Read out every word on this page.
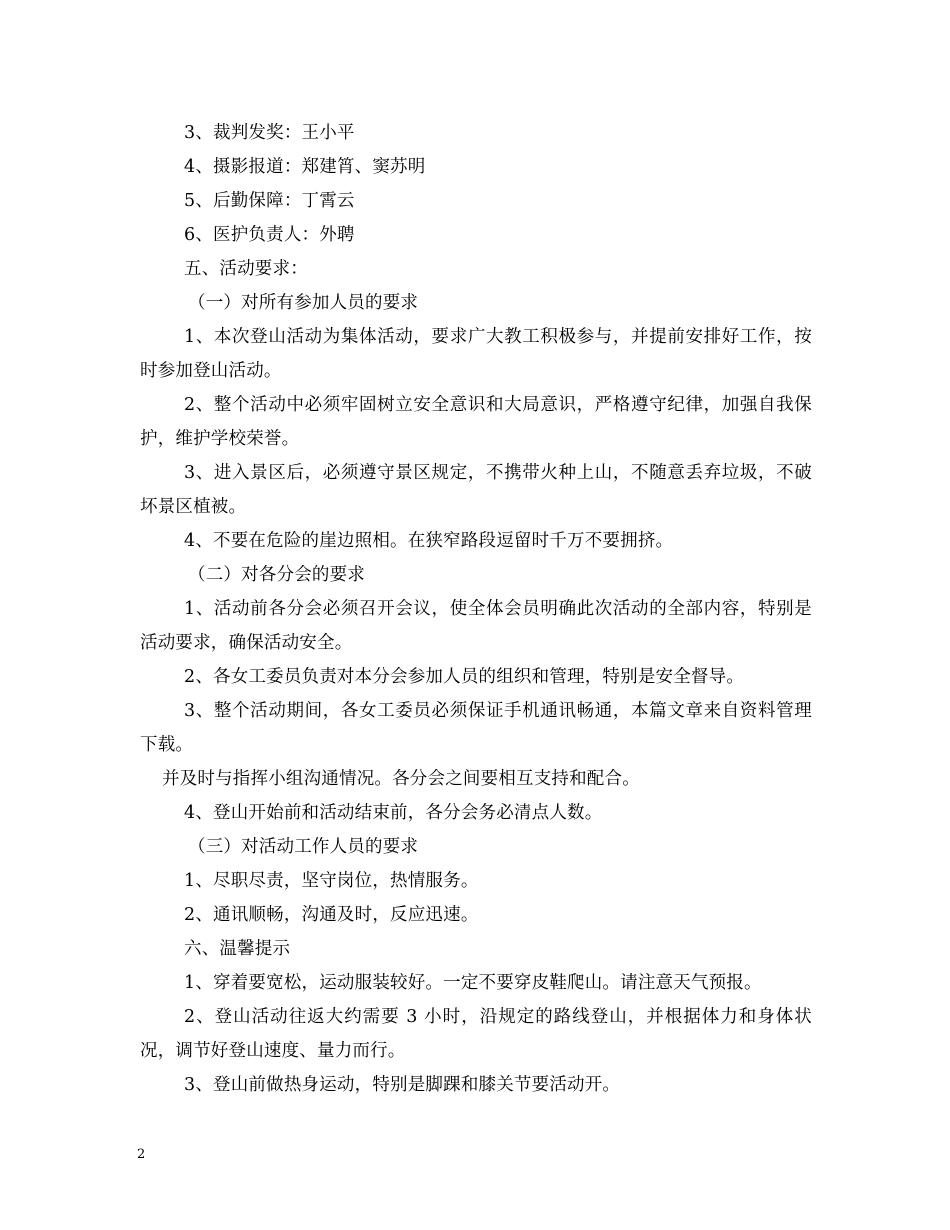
3、裁判发奖：王小平

4、摄影报道：郑建筲、窦苏明

5、后勤保障：丁霄云

6、医护负责人：外聘

五、活动要求：

（一）对所有参加人员的要求

1、本次登山活动为集体活动，要求广大教工积极参与，并提前安排好工作，按时参加登山活动。

2、整个活动中必须牢固树立安全意识和大局意识，严格遵守纪律，加强自我保护，维护学校荣誉。

3、进入景区后，必须遵守景区规定，不携带火种上山，不随意丢弃垃圾，不破坏景区植被。

4、不要在危险的崖边照相。在狭窄路段逗留时千万不要拥挤。

（二）对各分会的要求

1、活动前各分会必须召开会议，使全体会员明确此次活动的全部内容，特别是活动要求，确保活动安全。

2、各女工委员负责对本分会参加人员的组织和管理，特别是安全督导。

3、整个活动期间，各女工委员必须保证手机通讯畅通，本篇文章来自资料管理下载。

并及时与指挥小组沟通情况。各分会之间要相互支持和配合。

4、登山开始前和活动结束前，各分会务必清点人数。

（三）对活动工作人员的要求

1、尽职尽责，坚守岗位，热情服务。

2、通讯顺畅，沟通及时，反应迅速。

六、温馨提示

1、穿着要宽松，运动服装较好。一定不要穿皮鞋爬山。请注意天气预报。

2、登山活动往返大约需要 3 小时，沿规定的路线登山，并根据体力和身体状况，调节好登山速度、量力而行。

3、登山前做热身运动，特别是脚踝和膝关节要活动开。

2
